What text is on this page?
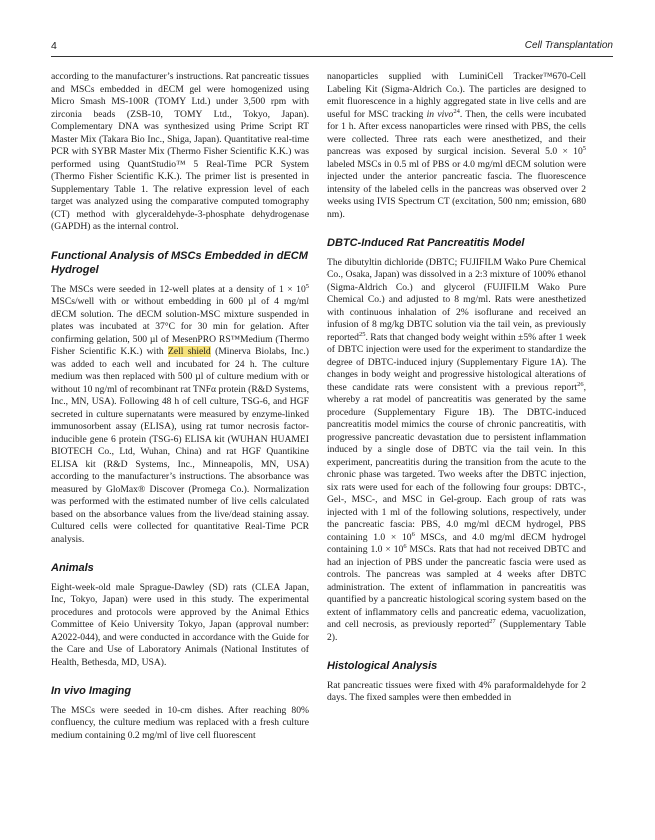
4	Cell Transplantation

according to the manufacturer’s instructions. Rat pancreatic tissues and MSCs embedded in dECM gel were homogenized using Micro Smash MS-100R (TOMY Ltd.) under 3,500 rpm with zirconia beads (ZSB-10, TOMY Ltd., Tokyo, Japan). Complementary DNA was synthesized using Prime Script RT Master Mix (Takara Bio Inc., Shiga, Japan). Quantitative real-time PCR with SYBR Master Mix (Thermo Fisher Scientific K.K.) was performed using QuantStudio™ 5 Real-Time PCR System (Thermo Fisher Scientific K.K.). The primer list is presented in Supplementary Table 1. The relative expression level of each target was analyzed using the comparative computed tomography (CT) method with glyceraldehyde-3-phosphate dehydrogenase (GAPDH) as the internal control.

Functional Analysis of MSCs Embedded in dECM Hydrogel

The MSCs were seeded in 12-well plates at a density of $1 \times 10^5$ MSCs/well with or without embedding in 600 µl of 4 mg/ml dECM solution. The dECM solution-MSC mixture suspended in plates was incubated at 37°C for 30 min for gelation. After confirming gelation, 500 µl of MesenPRO RS™Medium (Thermo Fisher Scientific K.K.) with Zell shield (Minerva Biolabs, Inc.) was added to each well and incubated for 24 h. The culture medium was then replaced with 500 µl of culture medium with or without 10 ng/ml of recombinant rat TNFα protein (R&D Systems, Inc., MN, USA). Following 48 h of cell culture, TSG-6, and HGF secreted in culture supernatants were measured by enzyme-linked immunosorbent assay (ELISA), using rat tumor necrosis factor-inducible gene 6 protein (TSG-6) ELISA kit (WUHAN HUAMEI BIOTECH Co., Ltd, Wuhan, China) and rat HGF Quantikine ELISA kit (R&D Systems, Inc., Minneapolis, MN, USA) according to the manufacturer’s instructions. The absorbance was measured by GloMax® Discover (Promega Co.). Normalization was performed with the estimated number of live cells calculated based on the absorbance values from the live/dead staining assay. Cultured cells were collected for quantitative Real-Time PCR analysis.

Animals

Eight-week-old male Sprague-Dawley (SD) rats (CLEA Japan, Inc, Tokyo, Japan) were used in this study. The experimental procedures and protocols were approved by the Animal Ethics Committee of Keio University Tokyo, Japan (approval number: A2022-044), and were conducted in accordance with the Guide for the Care and Use of Laboratory Animals (National Institutes of Health, Bethesda, MD, USA).

In vivo Imaging

The MSCs were seeded in 10-cm dishes. After reaching 80% confluency, the culture medium was replaced with a fresh culture medium containing 0.2 mg/ml of live cell fluorescent

nanoparticles supplied with LuminiCell Tracker™670-Cell Labeling Kit (Sigma-Aldrich Co.). The particles are designed to emit fluorescence in a highly aggregated state in live cells and are useful for MSC tracking in vivo$^{24}$. Then, the cells were incubated for 1 h. After excess nanoparticles were rinsed with PBS, the cells were collected. Three rats each were anesthetized, and their pancreas was exposed by surgical incision. Several $5.0 \times 10^5$ labeled MSCs in 0.5 ml of PBS or 4.0 mg/ml dECM solution were injected under the anterior pancreatic fascia. The fluorescence intensity of the labeled cells in the pancreas was observed over 2 weeks using IVIS Spectrum CT (excitation, 500 nm; emission, 680 nm).

DBTC-Induced Rat Pancreatitis Model

The dibutyltin dichloride (DBTC; FUJIFILM Wako Pure Chemical Co., Osaka, Japan) was dissolved in a 2:3 mixture of 100% ethanol (Sigma-Aldrich Co.) and glycerol (FUJIFILM Wako Pure Chemical Co.) and adjusted to 8 mg/ml. Rats were anesthetized with continuous inhalation of 2% isoflurane and received an infusion of 8 mg/kg DBTC solution via the tail vein, as previously reported$^{25}$. Rats that changed body weight within ±5% after 1 week of DBTC injection were used for the experiment to standardize the degree of DBTC-induced injury (Supplementary Figure 1A). The changes in body weight and progressive histological alterations of these candidate rats were consistent with a previous report$^{26}$, whereby a rat model of pancreatitis was generated by the same procedure (Supplementary Figure 1B). The DBTC-induced pancreatitis model mimics the course of chronic pancreatitis, with progressive pancreatic devastation due to persistent inflammation induced by a single dose of DBTC via the tail vein. In this experiment, pancreatitis during the transition from the acute to the chronic phase was targeted. Two weeks after the DBTC injection, six rats were used for each of the following four groups: DBTC-, Gel-, MSC-, and MSC in Gel-group. Each group of rats was injected with 1 ml of the following solutions, respectively, under the pancreatic fascia: PBS, 4.0 mg/ml dECM hydrogel, PBS containing $1.0 \times 10^6$ MSCs, and 4.0 mg/ml dECM hydrogel containing $1.0 \times 10^6$ MSCs. Rats that had not received DBTC and had an injection of PBS under the pancreatic fascia were used as controls. The pancreas was sampled at 4 weeks after DBTC administration. The extent of inflammation in pancreatitis was quantified by a pancreatic histological scoring system based on the extent of inflammatory cells and pancreatic edema, vacuolization, and cell necrosis, as previously reported$^{27}$ (Supplementary Table 2).

Histological Analysis

Rat pancreatic tissues were fixed with 4% paraformaldehyde for 2 days. The fixed samples were then embedded in
